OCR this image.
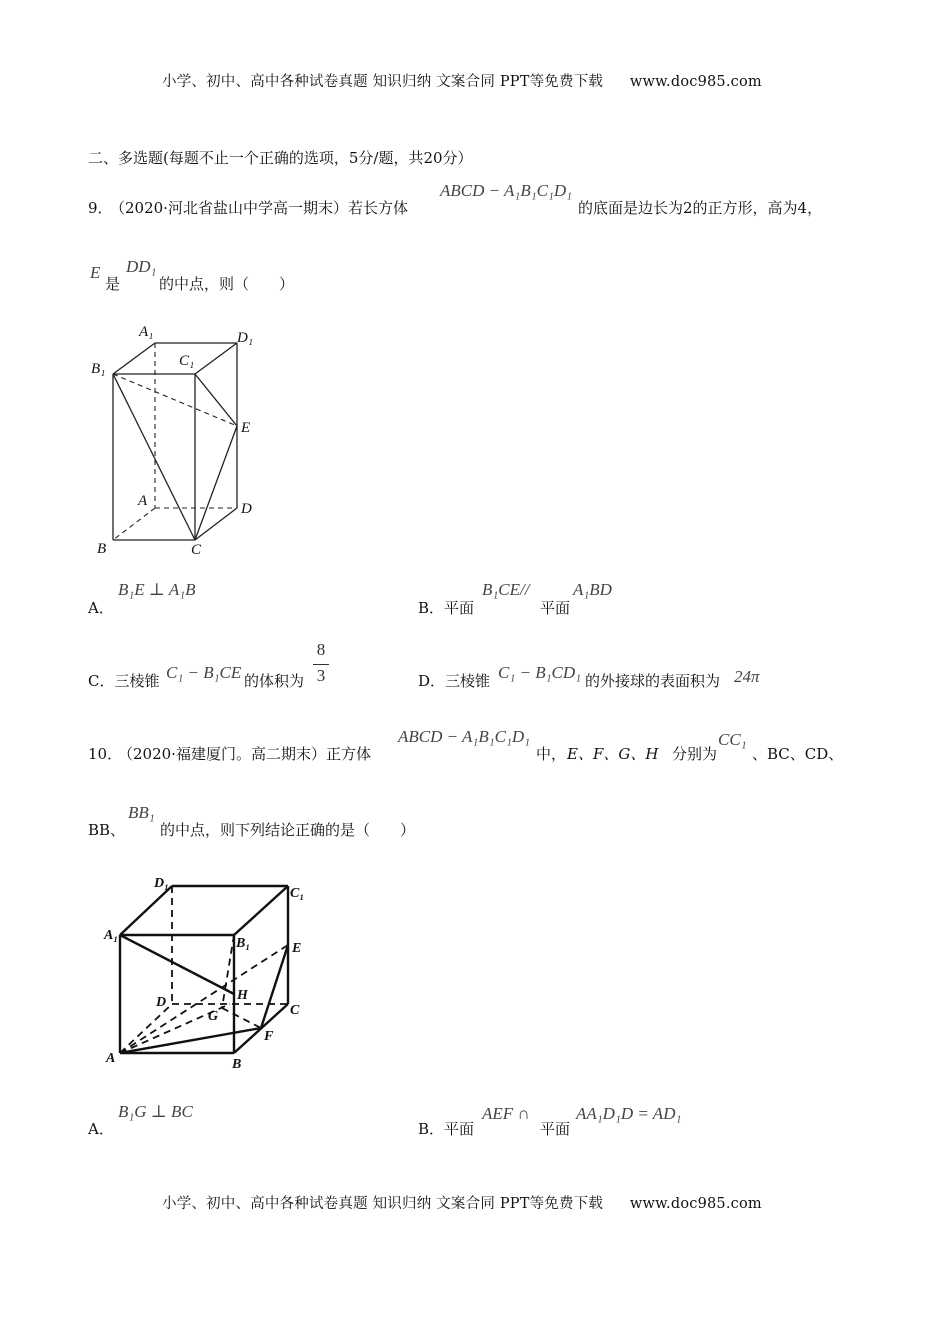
小学、初中、高中各种试卷真题 知识归纳 文案合同 PPT等免费下载 www.doc985.com
二、多选题(每题不止一个正确的选项，5分/题，共20分）
9．
（2020·河北省盐山中学高一期末）若长方体
ABCD − A₁B₁C₁D₁
的底面是边长为2的正方形，高为4，
E
是
DD₁
的中点，则（　　）
A₁	D₁
B₁	C₁
E
A	D
B	C
A．
B₁E ⊥ A₁B
B．平面
B₁CE//
平面
A₁BD
C．三棱锥 C₁ − B₁CE 的体积为
8
3	D．三棱锥 C₁ − B₁CD₁ 的外接球的表面积为 24π
10．
（2020·福建厦门。高二期末）正方体
ABCD − A₁B₁C₁D₁
中， E、F、G、H 分别为
CC₁
、BC、CD、
BB、
BB₁
的中点，则下列结论正确的是（　　）
D₁
C₁
A₁
B₁	E
D	H
G	C
F
A	B
A．
B₁G ⊥ BC
B．平面
AEF ∩
平面
AA₁D₁D = AD₁
小学、初中、高中各种试卷真题 知识归纳 文案合同 PPT等免费下载 www.doc985.com
